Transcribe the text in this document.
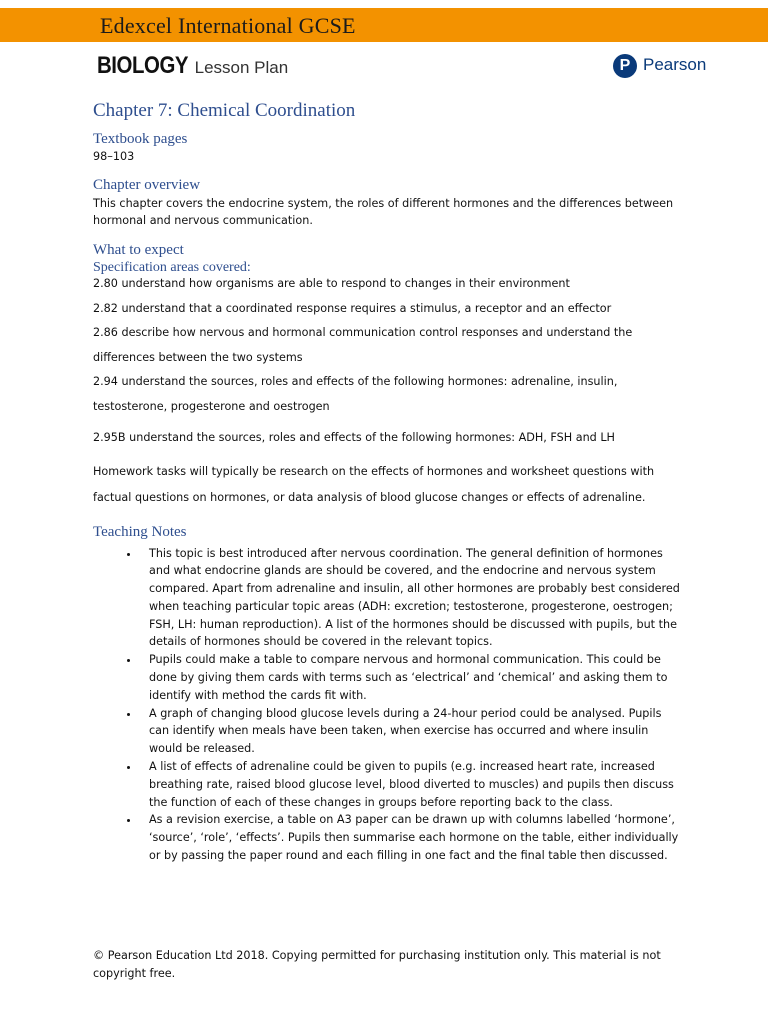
Edexcel International GCSE
BIOLOGY Lesson Plan	P Pearson
Chapter 7: Chemical Coordination
Textbook pages

98–103

Chapter overview

This chapter covers the endocrine system, the roles of different hormones and the differences between hormonal and nervous communication.

What to expect

Specification areas covered:

2.80 understand how organisms are able to respond to changes in their environment

2.82 understand that a coordinated response requires a stimulus, a receptor and an effector

2.86 describe how nervous and hormonal communication control responses and understand the differences between the two systems

2.94 understand the sources, roles and effects of the following hormones: adrenaline, insulin, testosterone, progesterone and oestrogen

2.95B understand the sources, roles and effects of the following hormones: ADH, FSH and LH

Homework tasks will typically be research on the effects of hormones and worksheet questions with factual questions on hormones, or data analysis of blood glucose changes or effects of adrenaline.

Teaching Notes
• This topic is best introduced after nervous coordination. The general definition of hormones and what endocrine glands are should be covered, and the endocrine and nervous system compared. Apart from adrenaline and insulin, all other hormones are probably best considered when teaching particular topic areas (ADH: excretion; testosterone, progesterone, oestrogen; FSH, LH: human reproduction). A list of the hormones should be discussed with pupils, but the details of hormones should be covered in the relevant topics.
• Pupils could make a table to compare nervous and hormonal communication. This could be done by giving them cards with terms such as ‘electrical’ and ‘chemical’ and asking them to identify with method the cards fit with.
• A graph of changing blood glucose levels during a 24-hour period could be analysed. Pupils can identify when meals have been taken, when exercise has occurred and where insulin would be released.
• A list of effects of adrenaline could be given to pupils (e.g. increased heart rate, increased breathing rate, raised blood glucose level, blood diverted to muscles) and pupils then discuss the function of each of these changes in groups before reporting back to the class.
• As a revision exercise, a table on A3 paper can be drawn up with columns labelled ‘hormone’, ‘source’, ‘role’, ‘effects’. Pupils then summarise each hormone on the table, either individually or by passing the paper round and each filling in one fact and the final table then discussed.

© Pearson Education Ltd 2018. Copying permitted for purchasing institution only. This material is not copyright free.
